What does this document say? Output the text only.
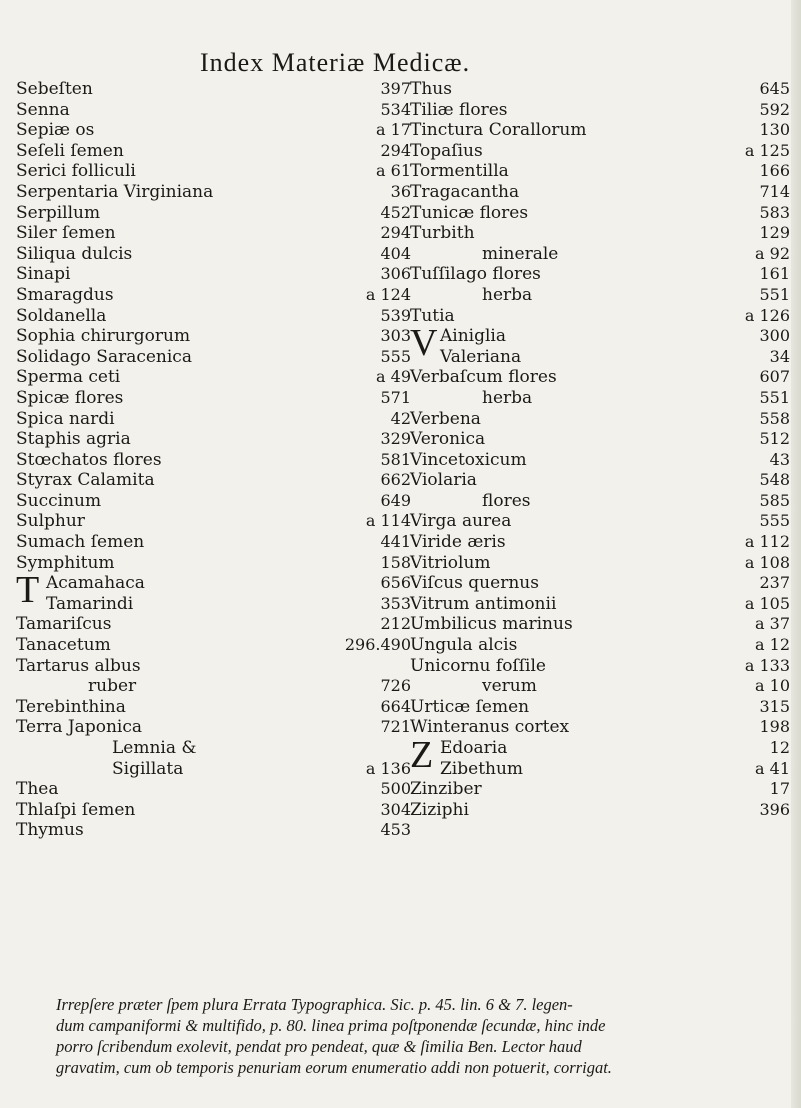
Index Materiæ Medicæ.
Sebeſten	397
Senna	534
Sepiæ os	a 17
Seſeli ſemen	294
Serici folliculi	a 61
Serpentaria Virginiana	36
Serpillum	452
Siler ſemen	294
Siliqua dulcis	404
Sinapi	306
Smaragdus	a 124
Soldanella	539
Sophia chirurgorum	303
Solidago Saracenica	555
Sperma ceti	a 49
Spicæ flores	571
Spica nardi	42
Staphis agria	329
Stœchatos flores	581
Styrax Calamita	662
Succinum	649
Sulphur	a 114
Sumach ſemen	441
Symphitum	158
T Acamahaca	656
Tamarindi	353
Tamariſcus	212
Tanacetum	296.490
Tartarus albus
ruber	726
Terebinthina	664
Terra Japonica	721
Lemnia &
Sigillata	a 136
Thea	500
Thlaſpi ſemen	304
Thymus	453
Thus	645
Tiliæ flores	592
Tinctura Corallorum	130
Topaſius	a 125
Tormentilla	166
Tragacantha	714
Tunicæ flores	583
Turbith	129
minerale	a 92
Tuſſilago flores	161
herba	551
Tutia	a 126
V Ainiglia	300
Valeriana	34
Verbaſcum flores	607
herba	551
Verbena	558
Veronica	512
Vincetoxicum	43
Violaria	548
flores	585
Virga aurea	555
Viride æris	a 112
Vitriolum	a 108
Viſcus quernus	237
Vitrum antimonii	a 105
Umbilicus marinus	a 37
Ungula alcis	a 12
Unicornu foſſile	a 133
verum	a 10
Urticæ ſemen	315
Winteranus cortex	198
Z Edoaria	12
Zibethum	a 41
Zinziber	17
Ziziphi	396
Irrepſere præter ſpem plura Errata Typographica. Sic. p. 45. lin. 6 & 7. legen-
dum campaniformi & multifido, p. 80. linea prima poſtponendæ ſecundæ, hinc inde
porro ſcribendum exolevit, pendat pro pendeat, quæ & ſimilia Ben. Lector haud
gravatim, cum ob temporis penuriam eorum enumeratio addi non potuerit, corrigat.
